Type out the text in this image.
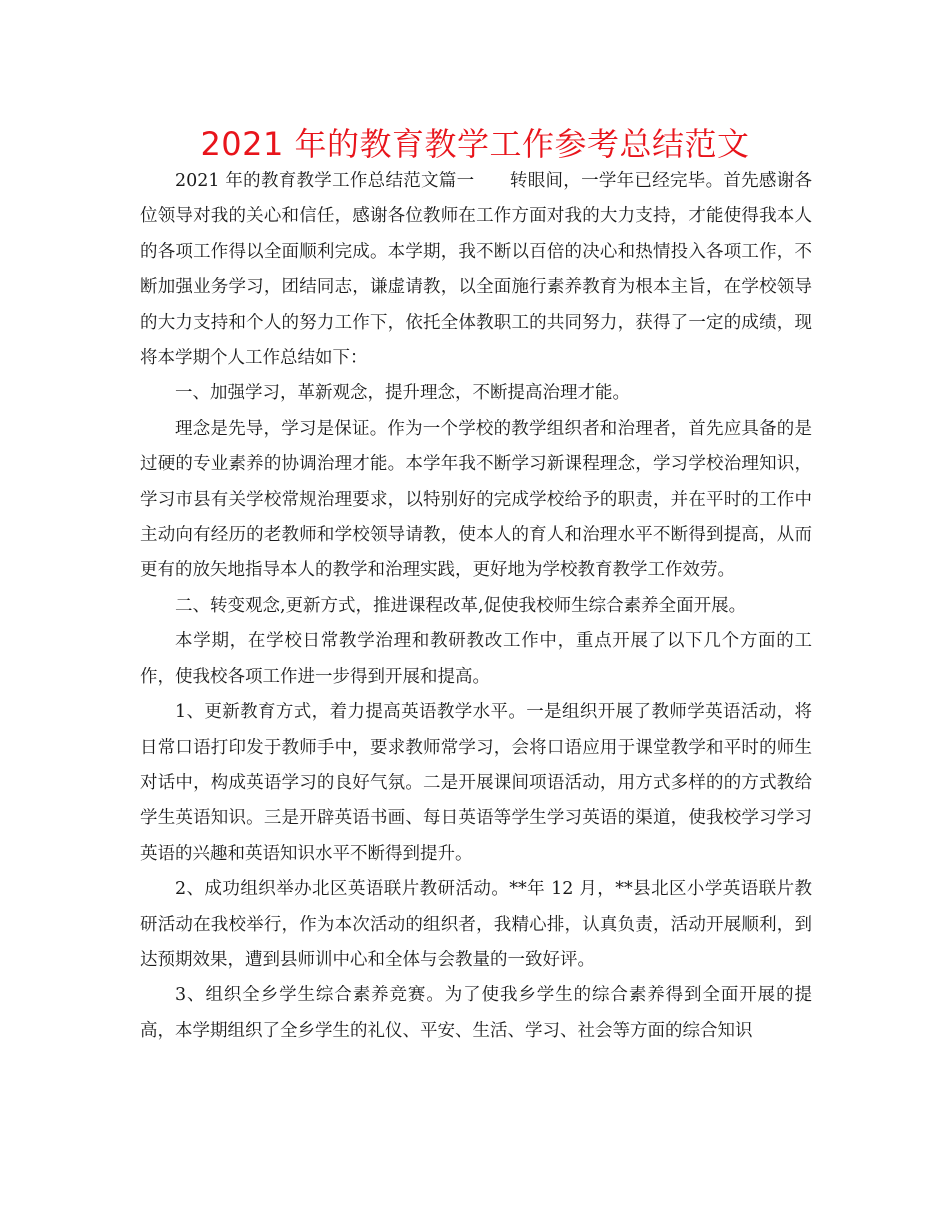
2021 年的教育教学工作参考总结范文

2021 年的教育教学工作总结范文篇一　　转眼间，一学年已经完毕。首先感谢各位领导对我的关心和信任，感谢各位教师在工作方面对我的大力支持，才能使得我本人的各项工作得以全面顺利完成。本学期，我不断以百倍的决心和热情投入各项工作，不断加强业务学习，团结同志，谦虚请教，以全面施行素养教育为根本主旨，在学校领导的大力支持和个人的努力工作下，依托全体教职工的共同努力，获得了一定的成绩，现将本学期个人工作总结如下：

一、加强学习，革新观念，提升理念，不断提高治理才能。

理念是先导，学习是保证。作为一个学校的教学组织者和治理者，首先应具备的是过硬的专业素养的协调治理才能。本学年我不断学习新课程理念，学习学校治理知识，学习市县有关学校常规治理要求，以特别好的完成学校给予的职责，并在平时的工作中主动向有经历的老教师和学校领导请教，使本人的育人和治理水平不断得到提高，从而更有的放矢地指导本人的教学和治理实践，更好地为学校教育教学工作效劳。

二、转变观念,更新方式，推进课程改革,促使我校师生综合素养全面开展。

本学期，在学校日常教学治理和教研教改工作中，重点开展了以下几个方面的工作，使我校各项工作进一步得到开展和提高。

1、更新教育方式，着力提高英语教学水平。一是组织开展了教师学英语活动，将日常口语打印发于教师手中，要求教师常学习，会将口语应用于课堂教学和平时的师生对话中，构成英语学习的良好气氛。二是开展课间项语活动，用方式多样的的方式教给学生英语知识。三是开辟英语书画、每日英语等学生学习英语的渠道，使我校学习学习英语的兴趣和英语知识水平不断得到提升。

2、成功组织举办北区英语联片教研活动。**年 12 月，**县北区小学英语联片教研活动在我校举行，作为本次活动的组织者，我精心排，认真负责，活动开展顺利，到达预期效果，遭到县师训中心和全体与会教量的一致好评。

3、组织全乡学生综合素养竞赛。为了使我乡学生的综合素养得到全面开展的提高，本学期组织了全乡学生的礼仪、平安、生活、学习、社会等方面的综合知识
